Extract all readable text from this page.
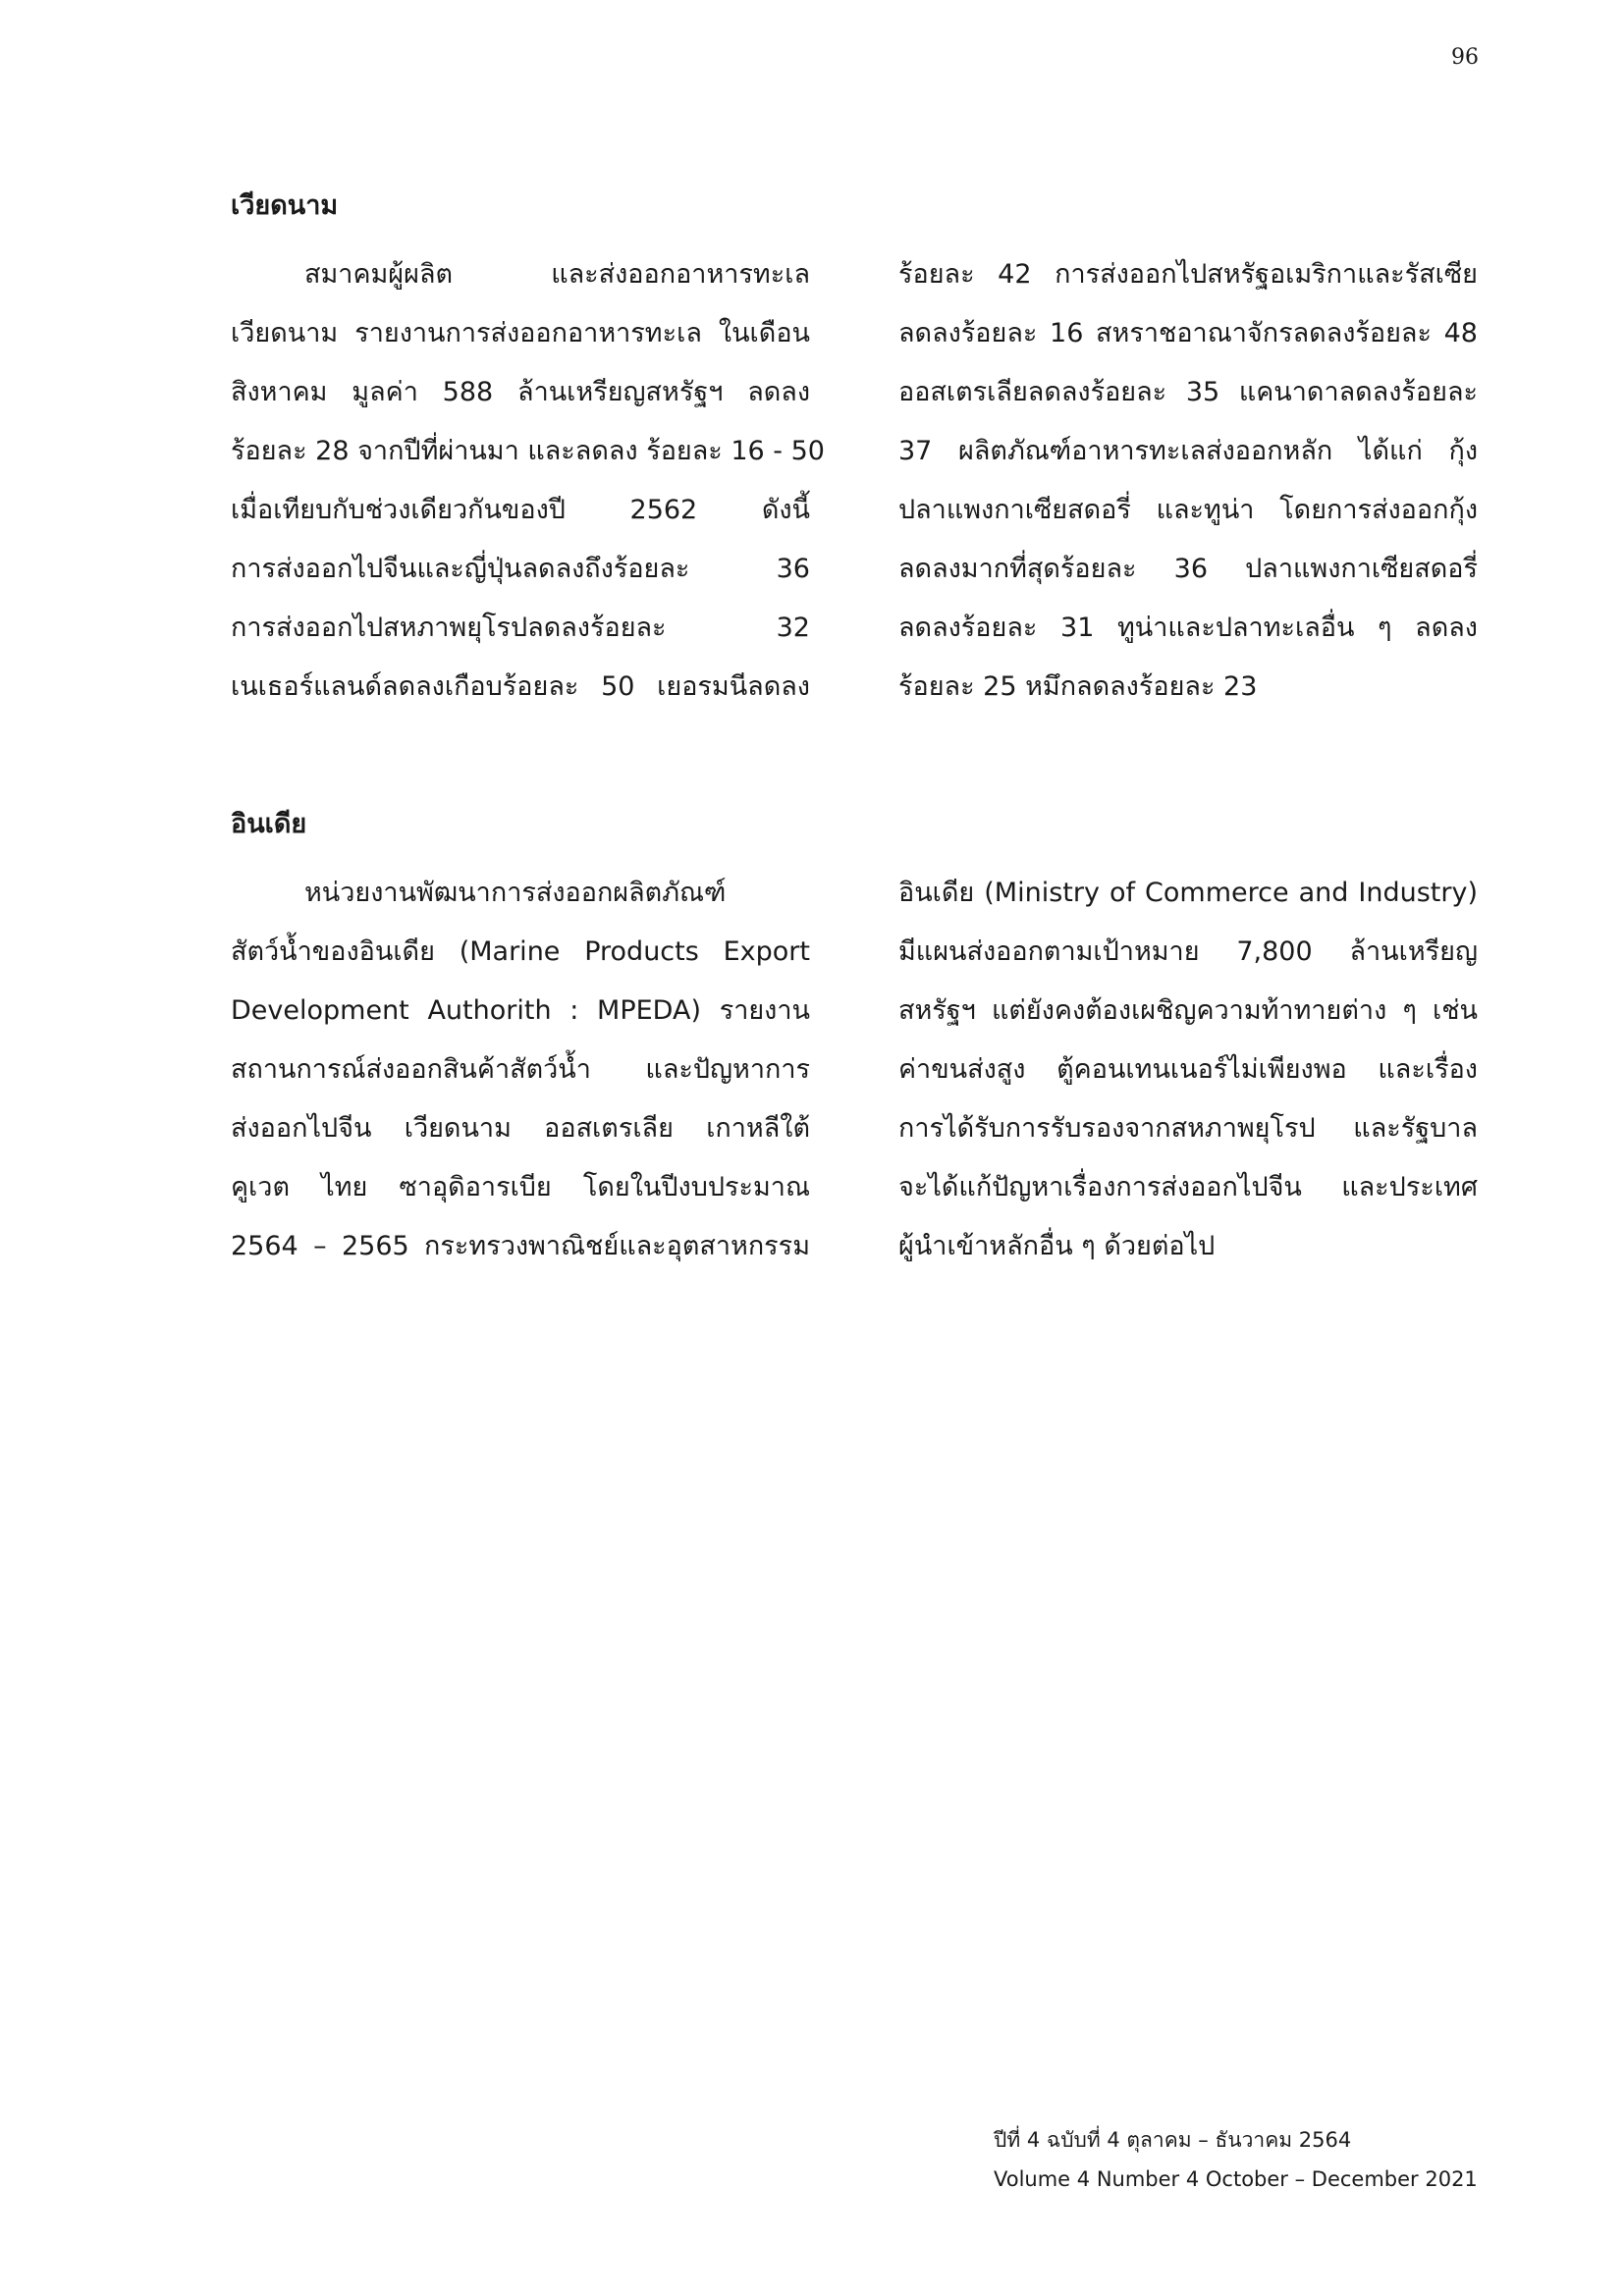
96
เวียดนาม
สมาคมผู้ผลิต และส่งออกอาหารทะเล
เวียดนาม รายงานการส่งออกอาหารทะเล ในเดือน
สิงหาคม มูลค่า 588 ล้านเหรียญสหรัฐฯ ลดลง
ร้อยละ 28 จากปีที่ผ่านมา และลดลง ร้อยละ 16 - 50
เมื่อเทียบกับช่วงเดียวกันของปี 2562 ดังนี้
การส่งออกไปจีนและญี่ปุ่นลดลงถึงร้อยละ 36
การส่งออกไปสหภาพยุโรปลดลงร้อยละ 32
เนเธอร์แลนด์ลดลงเกือบร้อยละ 50 เยอรมนีลดลง
ร้อยละ 42 การส่งออกไปสหรัฐอเมริกาและรัสเซีย
ลดลงร้อยละ 16 สหราชอาณาจักรลดลงร้อยละ 48
ออสเตรเลียลดลงร้อยละ 35 แคนาดาลดลงร้อยละ
37 ผลิตภัณฑ์อาหารทะเลส่งออกหลัก ได้แก่ กุ้ง
ปลาแพงกาเซียสดอรี่ และทูน่า โดยการส่งออกกุ้ง
ลดลงมากที่สุดร้อยละ 36 ปลาแพงกาเซียสดอรี่
ลดลงร้อยละ 31 ทูน่าและปลาทะเลอื่น ๆ ลดลง
ร้อยละ 25 หมึกลดลงร้อยละ 23
อินเดีย
หน่วยงานพัฒนาการส่งออกผลิตภัณฑ์
สัตว์น้ำของอินเดีย (Marine Products Export
Development Authorith : MPEDA) รายงาน
สถานการณ์ส่งออกสินค้าสัตว์น้ำ และปัญหาการ
ส่งออกไปจีน เวียดนาม ออสเตรเลีย เกาหลีใต้
คูเวต ไทย ซาอุดิอารเบีย โดยในปีงบประมาณ
2564 – 2565 กระทรวงพาณิชย์และอุตสาหกรรม
อินเดีย (Ministry of Commerce and Industry)
มีแผนส่งออกตามเป้าหมาย 7,800 ล้านเหรียญ
สหรัฐฯ แต่ยังคงต้องเผชิญความท้าทายต่าง ๆ เช่น
ค่าขนส่งสูง ตู้คอนเทนเนอร์ไม่เพียงพอ และเรื่อง
การได้รับการรับรองจากสหภาพยุโรป และรัฐบาล
จะได้แก้ปัญหาเรื่องการส่งออกไปจีน และประเทศ
ผู้นำเข้าหลักอื่น ๆ ด้วยต่อไป
ปีที่ 4 ฉบับที่ 4 ตุลาคม – ธันวาคม 2564
Volume 4 Number 4 October – December 2021
